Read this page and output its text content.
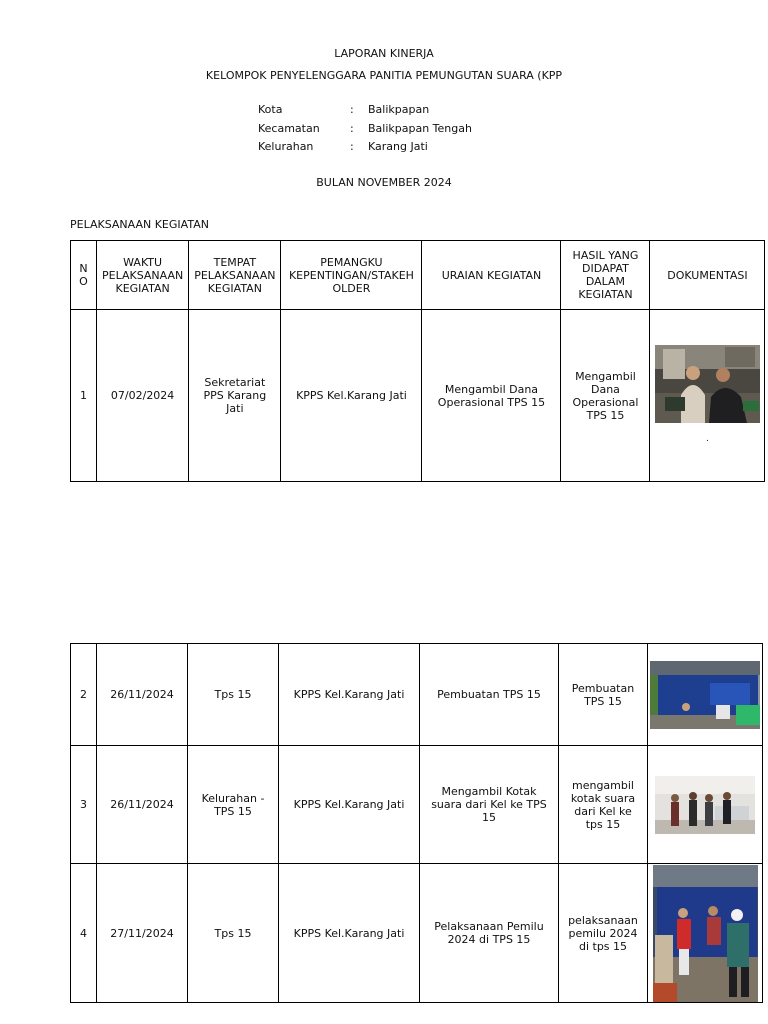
LAPORAN KINERJA
KELOMPOK PENYELENGGARA PANITIA PEMUNGUTAN SUARA (KPP
Kota	: Balikpapan
Kecamatan	: Balikpapan Tengah
Kelurahan	: Karang Jati
BULAN NOVEMBER 2024
PELAKSANAAN KEGIATAN
N
O	WAKTU PELAKSANAAN KEGIATAN	TEMPAT PELAKSANAAN KEGIATAN	PEMANGKU KEPENTINGAN/STAKEH OLDER	URAIAN KEGIATAN	HASIL YANG DIDAPAT DALAM KEGIATAN	DOKUMENTASI
1	07/02/2024	Sekretariat PPS Karang Jati	KPPS Kel.Karang Jati	Mengambil Dana Operasional TPS 15	Mengambil Dana Operasional TPS 15	.
2	26/11/2024	Tps 15	KPPS Kel.Karang Jati	Pembuatan TPS 15	Pembuatan TPS 15	

3	26/11/2024	Kelurahan - TPS 15	KPPS Kel.Karang Jati	Mengambil Kotak suara dari Kel ke TPS 15	mengambil kotak suara dari Kel ke tps 15	

4	27/11/2024	Tps 15	KPPS Kel.Karang Jati	Pelaksanaan Pemilu 2024 di TPS 15	pelaksanaan pemilu 2024 di tps 15	
